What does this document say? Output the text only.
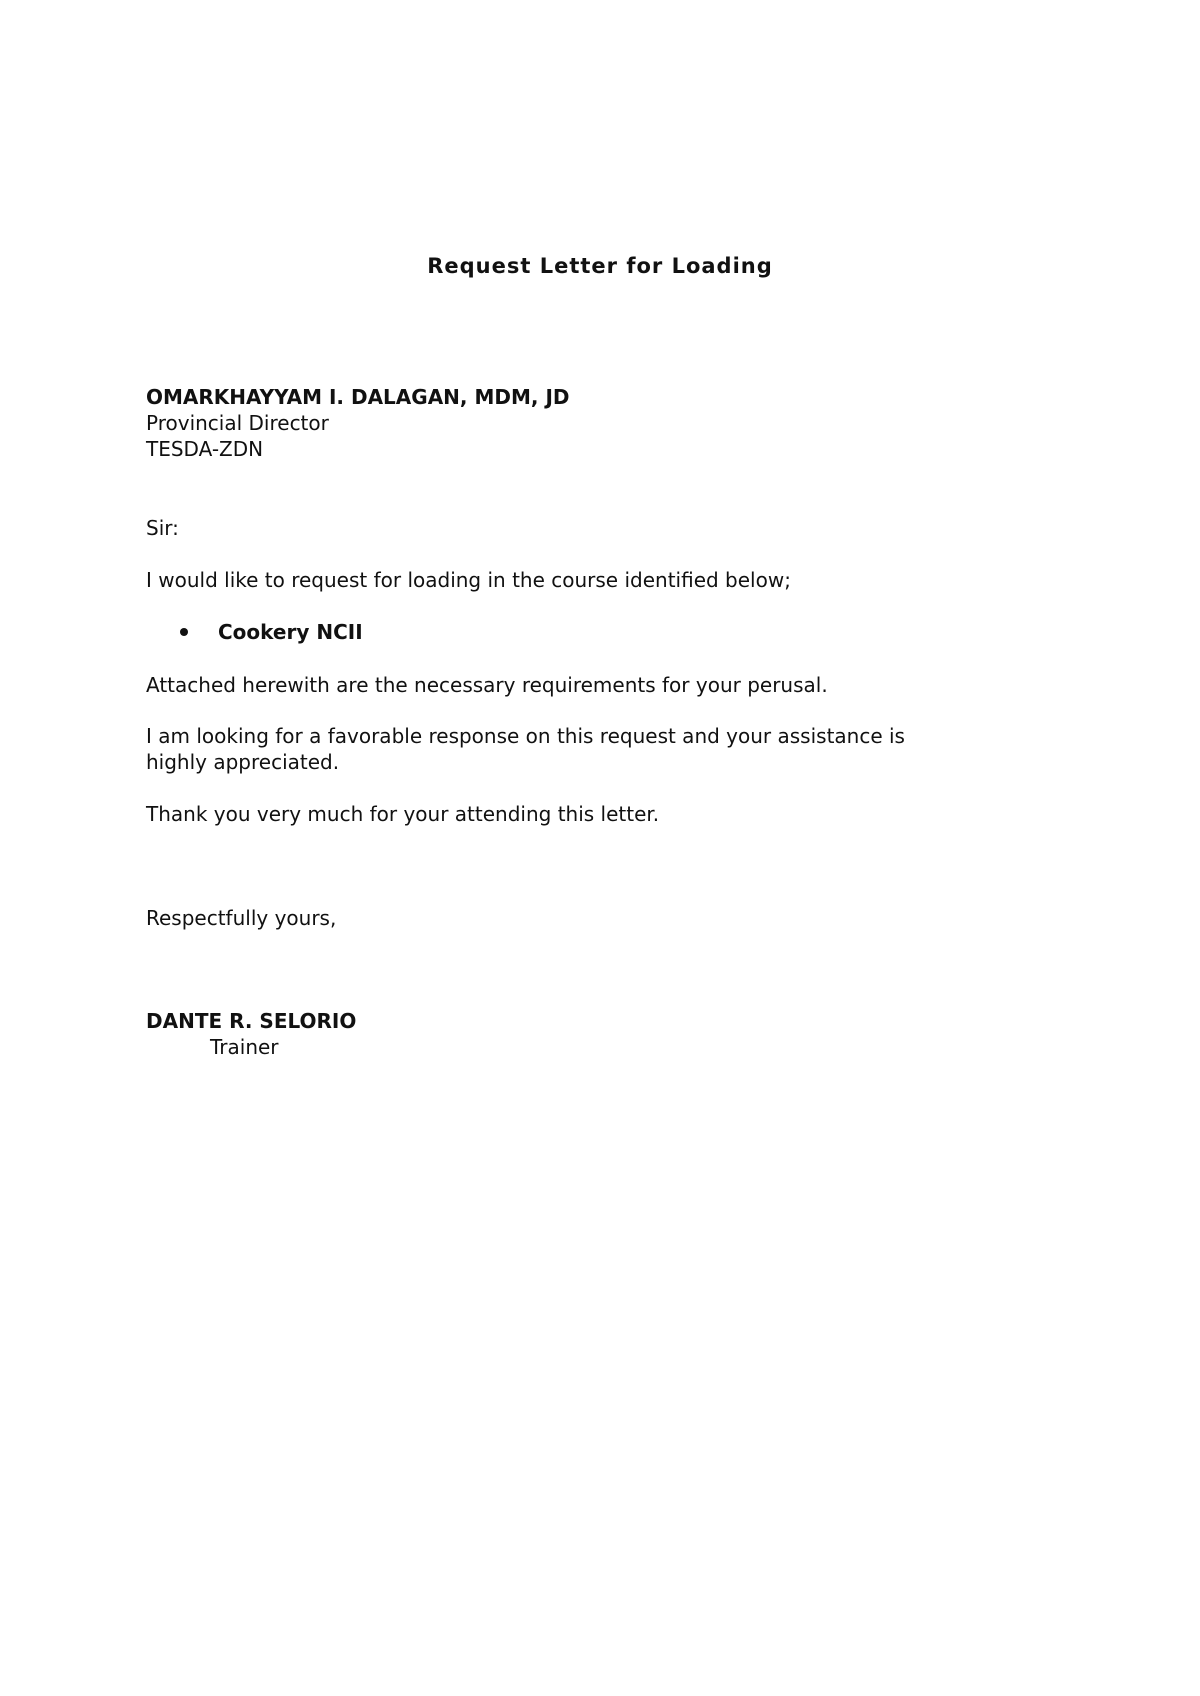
Request Letter for Loading
OMARKHAYYAM I. DALAGAN, MDM, JD
Provincial Director
TESDA-ZDN
Sir:
I would like to request for loading in the course identified below;
Cookery NCII
Attached herewith are the necessary requirements for your perusal.
I am looking for a favorable response on this request and your assistance is
highly appreciated.
Thank you very much for your attending this letter.
Respectfully yours,
DANTE R. SELORIO
Trainer
